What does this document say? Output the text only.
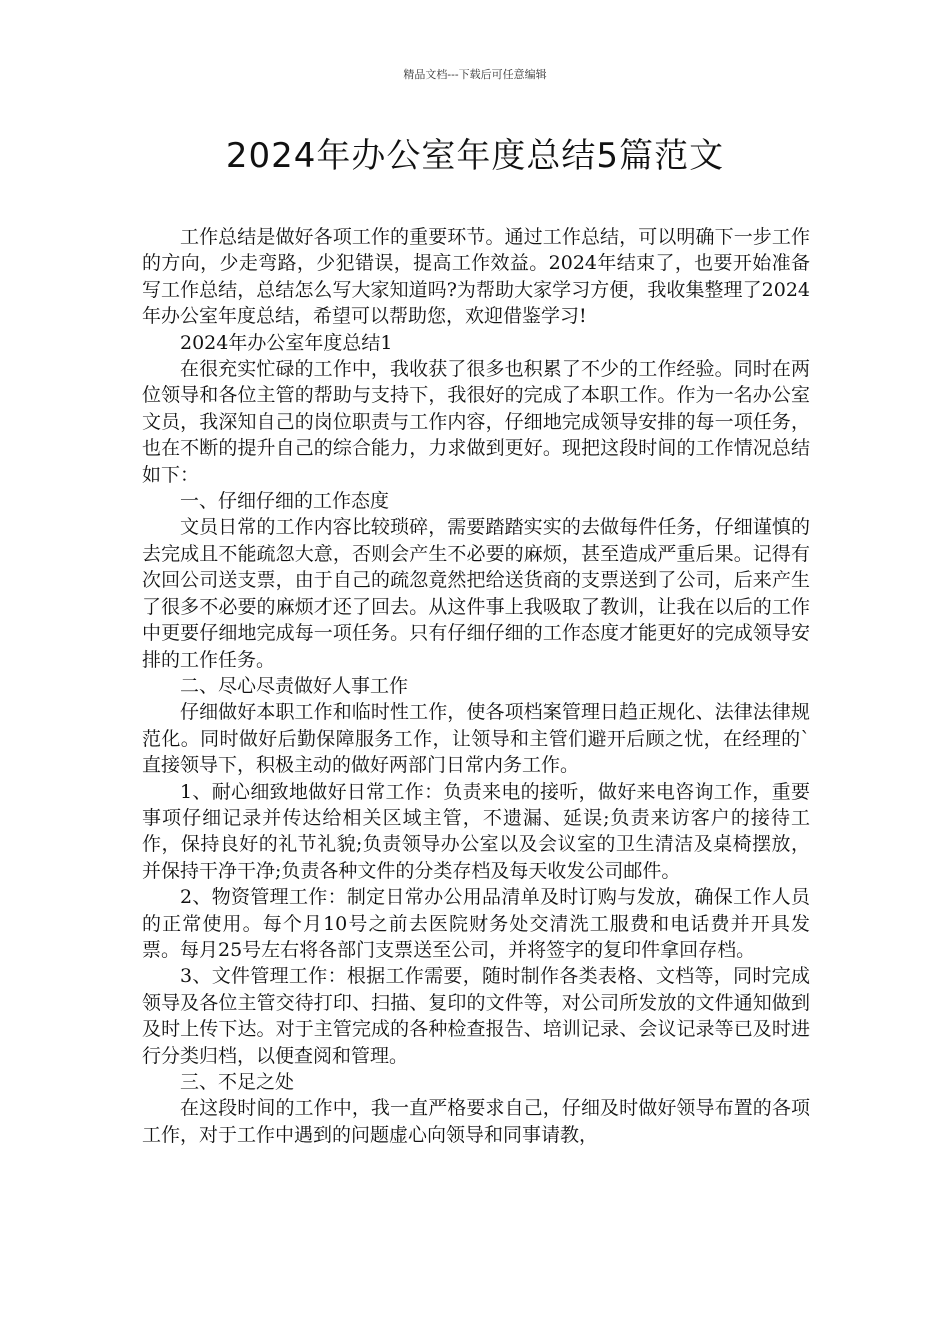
精品文档---下载后可任意编辑
2024年办公室年度总结5篇范文

工作总结是做好各项工作的重要环节。通过工作总结，可以明确下一步工作的方向，少走弯路，少犯错误，提高工作效益。2024年结束了，也要开始准备写工作总结，总结怎么写大家知道吗?为帮助大家学习方便，我收集整理了2024年办公室年度总结，希望可以帮助您，欢迎借鉴学习!

2024年办公室年度总结1

在很充实忙碌的工作中，我收获了很多也积累了不少的工作经验。同时在两位领导和各位主管的帮助与支持下，我很好的完成了本职工作。作为一名办公室文员，我深知自己的岗位职责与工作内容，仔细地完成领导安排的每一项任务，也在不断的提升自己的综合能力，力求做到更好。现把这段时间的工作情况总结如下：

一、仔细仔细的工作态度

文员日常的工作内容比较琐碎，需要踏踏实实的去做每件任务，仔细谨慎的去完成且不能疏忽大意，否则会产生不必要的麻烦，甚至造成严重后果。记得有次回公司送支票，由于自己的疏忽竟然把给送货商的支票送到了公司，后来产生了很多不必要的麻烦才还了回去。从这件事上我吸取了教训，让我在以后的工作中更要仔细地完成每一项任务。只有仔细仔细的工作态度才能更好的完成领导安排的工作任务。

二、尽心尽责做好人事工作

仔细做好本职工作和临时性工作，使各项档案管理日趋正规化、法律法律规范化。同时做好后勤保障服务工作，让领导和主管们避开后顾之忧，在经理的`直接领导下，积极主动的做好两部门日常内务工作。

1、耐心细致地做好日常工作：负责来电的接听，做好来电咨询工作，重要事项仔细记录并传达给相关区域主管，不遗漏、延误;负责来访客户的接待工作，保持良好的礼节礼貌;负责领导办公室以及会议室的卫生清洁及桌椅摆放，并保持干净干净;负责各种文件的分类存档及每天收发公司邮件。

2、物资管理工作：制定日常办公用品清单及时订购与发放，确保工作人员的正常使用。每个月10号之前去医院财务处交清洗工服费和电话费并开具发票。每月25号左右将各部门支票送至公司，并将签字的复印件拿回存档。

3、文件管理工作：根据工作需要，随时制作各类表格、文档等，同时完成领导及各位主管交待打印、扫描、复印的文件等，对公司所发放的文件通知做到及时上传下达。对于主管完成的各种检查报告、培训记录、会议记录等已及时进行分类归档，以便查阅和管理。

三、不足之处

在这段时间的工作中，我一直严格要求自己，仔细及时做好领导布置的各项工作，对于工作中遇到的问题虚心向领导和同事请教，
